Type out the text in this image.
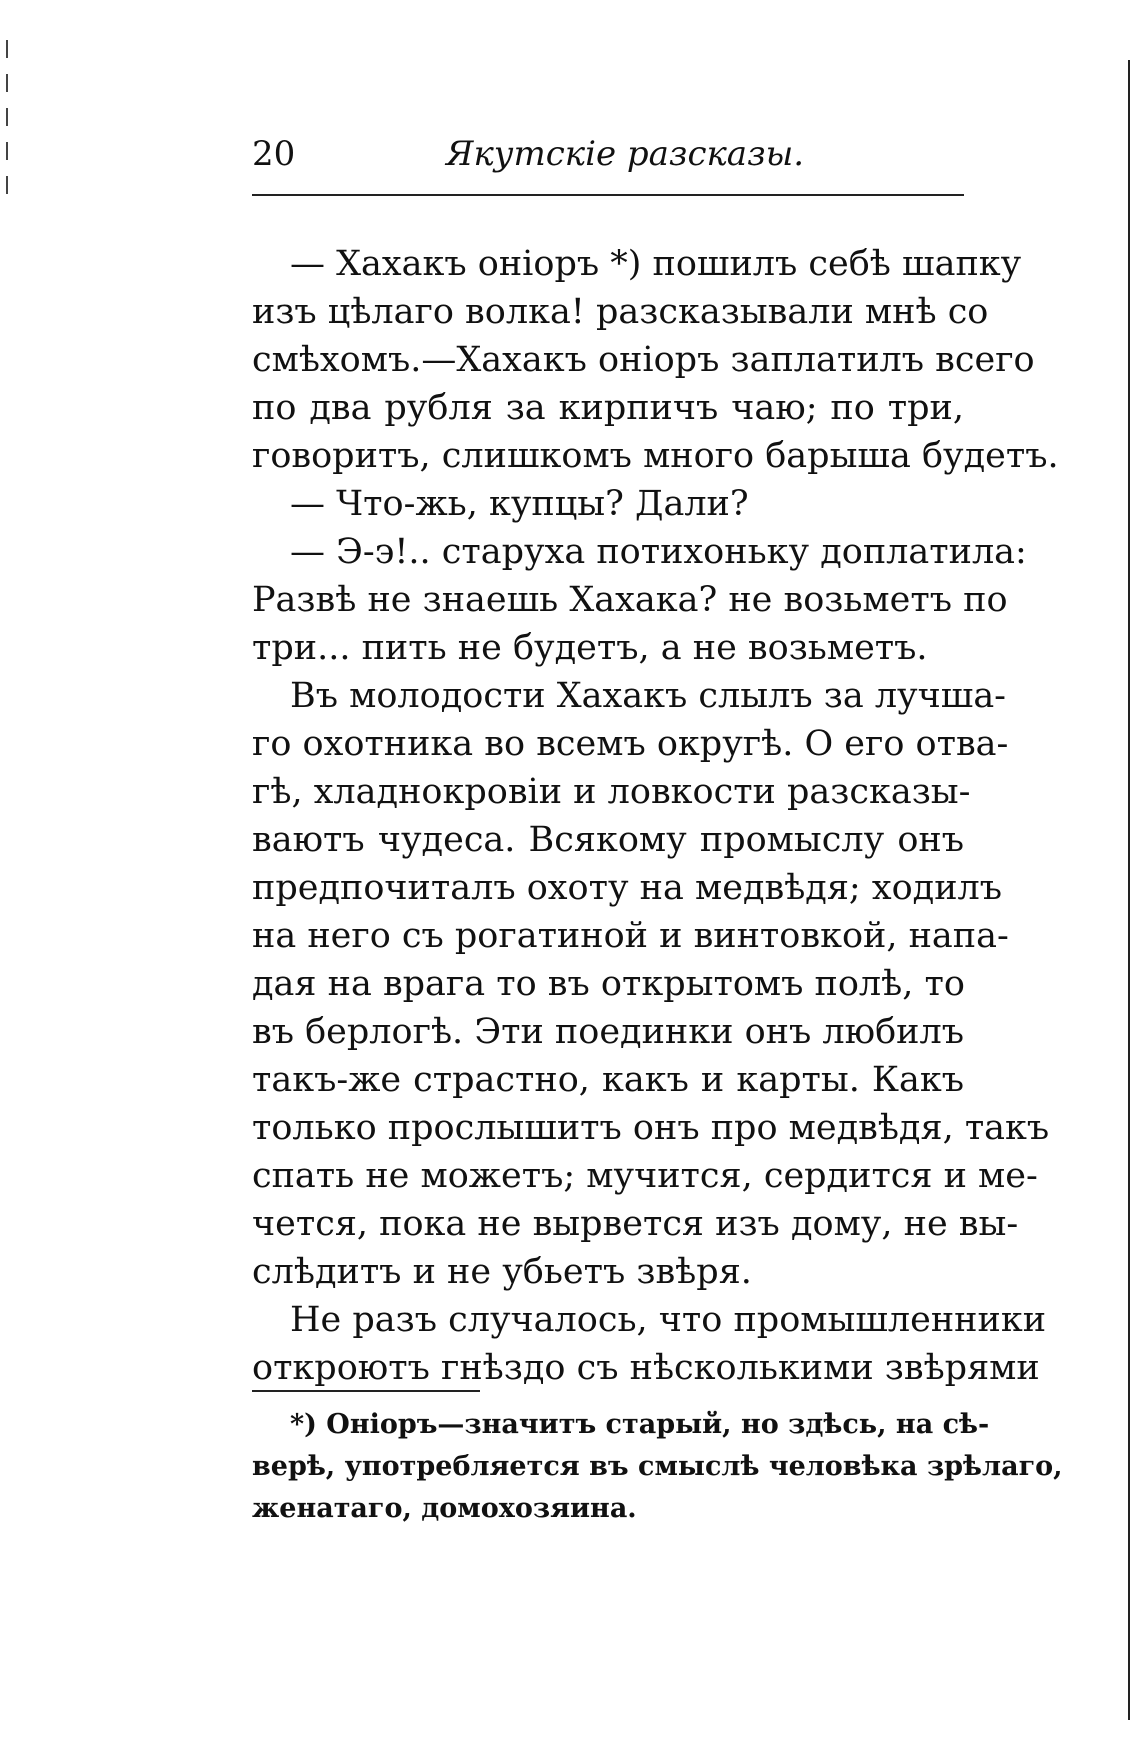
20	Якутскіе разсказы.
— Хахакъ оніоръ *) пошилъ себѣ шапку
изъ цѣлаго волка! разсказывали мнѣ со
смѣхомъ.—Хахакъ оніоръ заплатилъ всего
по два рубля за кирпичъ чаю; по три,
говоритъ, слишкомъ много барыша будетъ.
— Что-жь, купцы? Дали?
— Э-э!.. старуха потихоньку доплатила:
Развѣ не знаешь Хахака? не возьметъ по
три... пить не будетъ, а не возьметъ.
Въ молодости Хахакъ слылъ за лучша-
го охотника во всемъ округѣ. О его отва-
гѣ, хладнокровіи и ловкости разсказы-
ваютъ чудеса. Всякому промыслу онъ
предпочиталъ охоту на медвѣдя; ходилъ
на него съ рогатиной и винтовкой, напа-
дая на врага то въ открытомъ полѣ, то
въ берлогѣ. Эти поединки онъ любилъ
такъ-же страстно, какъ и карты. Какъ
только прослышитъ онъ про медвѣдя, такъ
спать не можетъ; мучится, сердится и ме-
чется, пока не вырвется изъ дому, не вы-
слѣдитъ и не убьетъ звѣря.
Не разъ случалось, что промышленники
откроютъ гнѣздо съ нѣсколькими звѣрями
*) Оніоръ—значитъ старый, но здѣсь, на сѣ-
верѣ, употребляется въ смыслѣ человѣка зрѣлаго,
женатаго, домохозяина.
